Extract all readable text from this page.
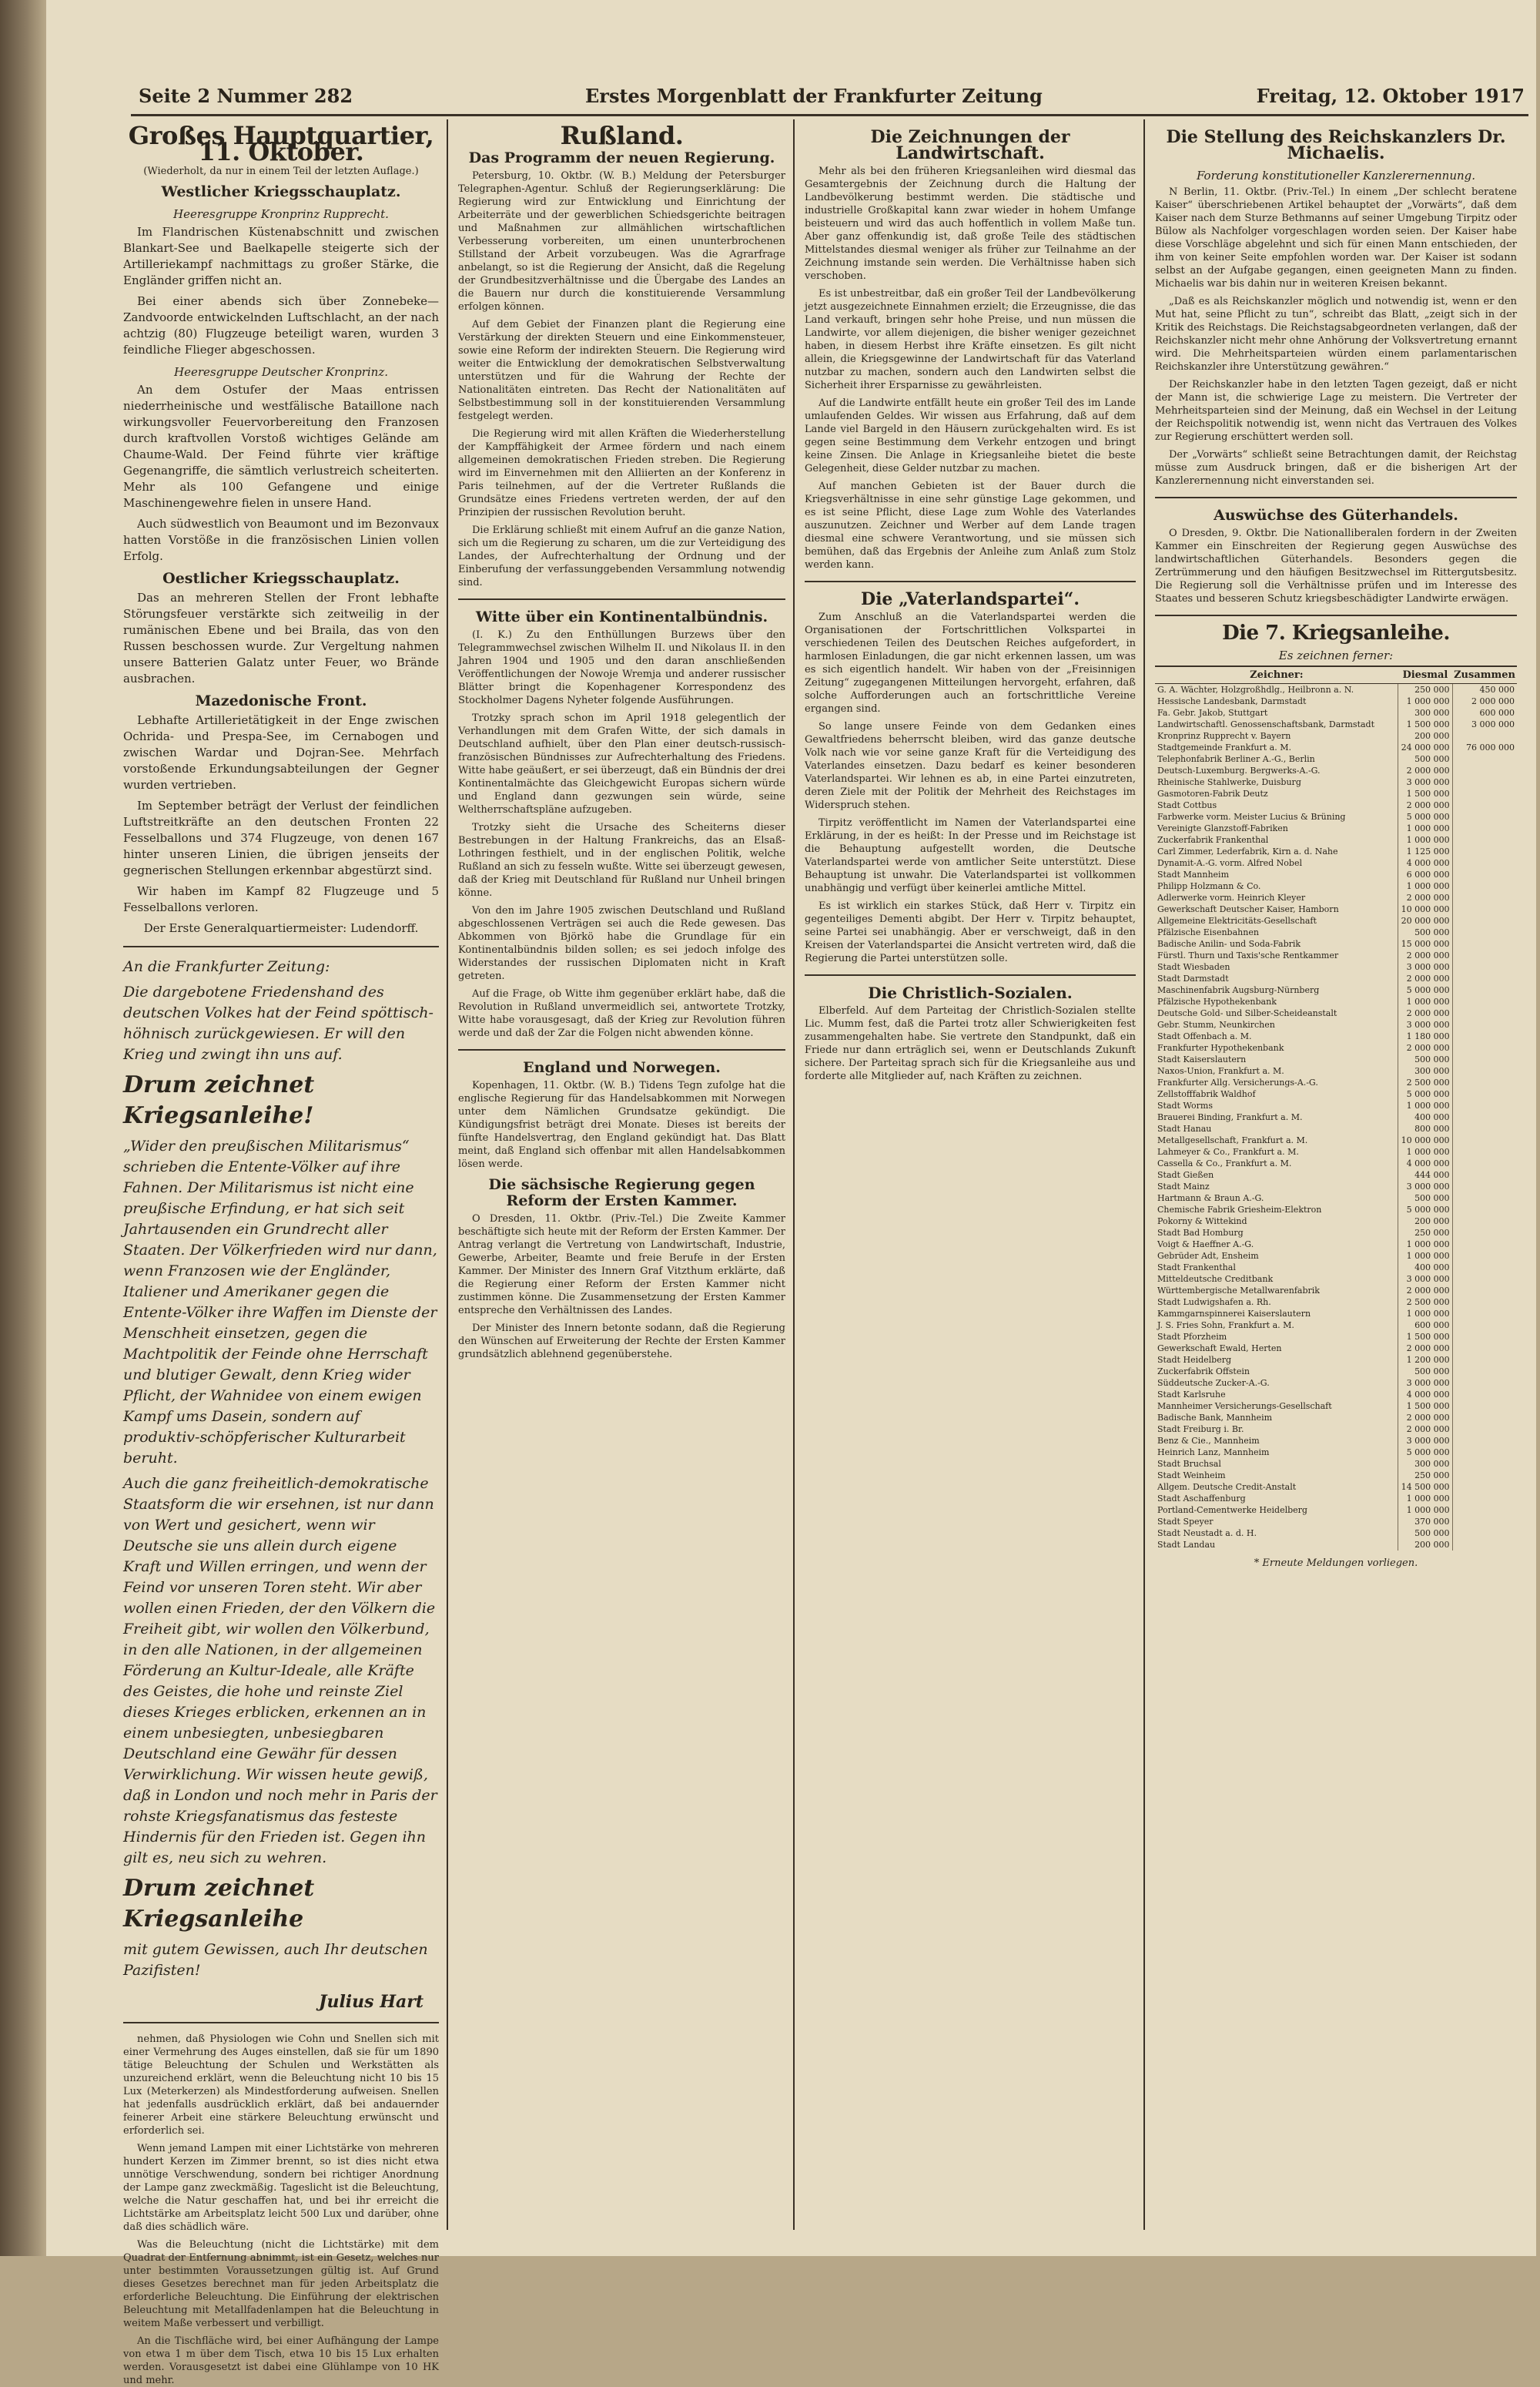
Seite 2 Nummer 282	Erstes Morgenblatt der Frankfurter Zeitung	Freitag, 12. Oktober 1917
Großes Hauptquartier, 11. Oktober.
(Wiederholt, da nur in einem Teil der letzten Auflage.)
Westlicher Kriegsschauplatz.
Heeresgruppe Kronprinz Rupprecht.

Im Flandrischen Küstenabschnitt und zwischen Blankart-See und Baelkapelle steigerte sich der Artilleriekampf nachmittags zu großer Stärke, die Engländer griffen nicht an.

Bei einer abends sich über Zonnebeke—Zandvoorde entwickelnden Luftschlacht, an der nach achtzig (80) Flugzeuge beteiligt waren, wurden 3 feindliche Flieger abgeschossen.

Heeresgruppe Deutscher Kronprinz.

An dem Ostufer der Maas entrissen niederrheinische und westfälische Bataillone nach wirkungsvoller Feuervorbereitung den Franzosen durch kraftvollen Vorstoß wichtiges Gelände am Chaume-Wald. Der Feind führte vier kräftige Gegenangriffe, die sämtlich verlustreich scheiterten. Mehr als 100 Gefangene und einige Maschinengewehre fielen in unsere Hand.

Auch südwestlich von Beaumont und im Bezonvaux hatten Vorstöße in die französischen Linien vollen Erfolg.

Oestlicher Kriegsschauplatz.

Das an mehreren Stellen der Front lebhafte Störungsfeuer verstärkte sich zeitweilig in der rumänischen Ebene und bei Braila, das von den Russen beschossen wurde. Zur Vergeltung nahmen unsere Batterien Galatz unter Feuer, wo Brände ausbrachen.

Mazedonische Front.

Lebhafte Artillerietätigkeit in der Enge zwischen Ochrida- und Prespa-See, im Cernabogen und zwischen Wardar und Dojran-See. Mehrfach vorstoßende Erkundungsabteilungen der Gegner wurden vertrieben.

Im September beträgt der Verlust der feindlichen Luftstreitkräfte an den deutschen Fronten 22 Fesselballons und 374 Flugzeuge, von denen 167 hinter unseren Linien, die übrigen jenseits der gegnerischen Stellungen erkennbar abgestürzt sind.

Wir haben im Kampf 82 Flugzeuge und 5 Fesselballons verloren.

Der Erste Generalquartiermeister: Ludendorff.

An die Frankfurter Zeitung:

Die dargebotene Friedenshand des deutschen Volkes hat der Feind spöttisch-höhnisch zurückgewiesen. Er will den Krieg und zwingt ihn uns auf.

Drum zeichnet Kriegsanleihe!

„Wider den preußischen Militarismus“ schrieben die Entente-Völker auf ihre Fahnen. Der Militarismus ist nicht eine preußische Erfindung, er hat sich seit Jahrtausenden ein Grundrecht aller Staaten. Der Völkerfrieden wird nur dann, wenn Franzosen wie der Engländer, Italiener und Amerikaner gegen die Entente-Völker ihre Waffen im Dienste der Menschheit einsetzen, gegen die Machtpolitik der Feinde ohne Herrschaft und blutiger Gewalt, denn Krieg wider Pflicht, der Wahnidee von einem ewigen Kampf ums Dasein, sondern auf produktiv-schöpferischer Kulturarbeit beruht.

Auch die ganz freiheitlich-demokratische Staatsform die wir ersehnen, ist nur dann von Wert und gesichert, wenn wir Deutsche sie uns allein durch eigene Kraft und Willen erringen, und wenn der Feind vor unseren Toren steht. Wir aber wollen einen Frieden, der den Völkern die Freiheit gibt, wir wollen den Völkerbund, in den alle Nationen, in der allgemeinen Förderung an Kultur-Ideale, alle Kräfte des Geistes, die hohe und reinste Ziel dieses Krieges erblicken, erkennen an in einem unbesiegten, unbesiegbaren Deutschland eine Gewähr für dessen Verwirklichung. Wir wissen heute gewiß, daß in London und noch mehr in Paris der rohste Kriegsfanatismus das festeste Hindernis für den Frieden ist. Gegen ihn gilt es, neu sich zu wehren.

Drum zeichnet Kriegsanleihe

mit gutem Gewissen, auch Ihr deutschen Pazifisten!

Julius Hart

nehmen, daß Physiologen wie Cohn und Snellen sich mit einer Vermehrung des Auges einstellen, daß sie für um 1890 tätige Beleuchtung der Schulen und Werkstätten als unzureichend erklärt, wenn die Beleuchtung nicht 10 bis 15 Lux (Meterkerzen) als Mindestforderung aufweisen. Snellen hat jedenfalls ausdrücklich erklärt, daß bei andauernder feinerer Arbeit eine stärkere Beleuchtung erwünscht und erforderlich sei.

Wenn jemand Lampen mit einer Lichtstärke von mehreren hundert Kerzen im Zimmer brennt, so ist dies nicht etwa unnötige Verschwendung, sondern bei richtiger Anordnung der Lampe ganz zweckmäßig. Tageslicht ist die Beleuchtung, welche die Natur geschaffen hat, und bei ihr erreicht die Lichtstärke am Arbeitsplatz leicht 500 Lux und darüber, ohne daß dies schädlich wäre.

Was die Beleuchtung (nicht die Lichtstärke) mit dem Quadrat der Entfernung abnimmt, ist ein Gesetz, welches nur unter bestimmten Voraussetzungen gültig ist. Auf Grund dieses Gesetzes berechnet man für jeden Arbeitsplatz die erforderliche Beleuchtung. Die Einführung der elektrischen Beleuchtung mit Metallfadenlampen hat die Beleuchtung in weitem Maße verbessert und verbilligt.

An die Tischfläche wird, bei einer Aufhängung der Lampe von etwa 1 m über dem Tisch, etwa 10 bis 15 Lux erhalten werden. Vorausgesetzt ist dabei eine Glühlampe von 10 HK und mehr.

Rußland.
Das Programm der neuen Regierung.

Petersburg, 10. Oktbr. (W. B.) Meldung der Petersburger Telegraphen-Agentur. Schluß der Regierungserklärung: Die Regierung wird zur Entwicklung und Einrichtung der Arbeiterräte und der gewerblichen Schiedsgerichte beitragen und Maßnahmen zur allmählichen wirtschaftlichen Verbesserung vorbereiten, um einen ununterbrochenen Stillstand der Arbeit vorzubeugen. Was die Agrarfrage anbelangt, so ist die Regierung der Ansicht, daß die Regelung der Grundbesitzverhältnisse und die Übergabe des Landes an die Bauern nur durch die konstituierende Versammlung erfolgen können.

Auf dem Gebiet der Finanzen plant die Regierung eine Verstärkung der direkten Steuern und eine Einkommensteuer, sowie eine Reform der indirekten Steuern. Die Regierung wird weiter die Entwicklung der demokratischen Selbstverwaltung unterstützen und für die Wahrung der Rechte der Nationalitäten eintreten. Das Recht der Nationalitäten auf Selbstbestimmung soll in der konstituierenden Versammlung festgelegt werden.

Die Regierung wird mit allen Kräften die Wiederherstellung der Kampffähigkeit der Armee fördern und nach einem allgemeinen demokratischen Frieden streben. Die Regierung wird im Einvernehmen mit den Alliierten an der Konferenz in Paris teilnehmen, auf der die Vertreter Rußlands die Grundsätze eines Friedens vertreten werden, der auf den Prinzipien der russischen Revolution beruht.

Die Erklärung schließt mit einem Aufruf an die ganze Nation, sich um die Regierung zu scharen, um die zur Verteidigung des Landes, der Aufrechterhaltung der Ordnung und der Einberufung der verfassunggebenden Versammlung notwendig sind.

Witte über ein Kontinentalbündnis.

(I. K.) Zu den Enthüllungen Burzews über den Telegrammwechsel zwischen Wilhelm II. und Nikolaus II. in den Jahren 1904 und 1905 und den daran anschließenden Veröffentlichungen der Nowoje Wremja und anderer russischer Blätter bringt die Kopenhagener Korrespondenz des Stockholmer Dagens Nyheter folgende Ausführungen.

Trotzky sprach schon im April 1918 gelegentlich der Verhandlungen mit dem Grafen Witte, der sich damals in Deutschland aufhielt, über den Plan einer deutsch-russisch-französischen Bündnisses zur Aufrechterhaltung des Friedens. Witte habe geäußert, er sei überzeugt, daß ein Bündnis der drei Kontinentalmächte das Gleichgewicht Europas sichern würde und England dann gezwungen sein würde, seine Weltherrschaftspläne aufzugeben.

Trotzky sieht die Ursache des Scheiterns dieser Bestrebungen in der Haltung Frankreichs, das an Elsaß-Lothringen festhielt, und in der englischen Politik, welche Rußland an sich zu fesseln wußte. Witte sei überzeugt gewesen, daß der Krieg mit Deutschland für Rußland nur Unheil bringen könne.

Von den im Jahre 1905 zwischen Deutschland und Rußland abgeschlossenen Verträgen sei auch die Rede gewesen. Das Abkommen von Björkö habe die Grundlage für ein Kontinentalbündnis bilden sollen; es sei jedoch infolge des Widerstandes der russischen Diplomaten nicht in Kraft getreten.

Auf die Frage, ob Witte ihm gegenüber erklärt habe, daß die Revolution in Rußland unvermeidlich sei, antwortete Trotzky, Witte habe vorausgesagt, daß der Krieg zur Revolution führen werde und daß der Zar die Folgen nicht abwenden könne.

England und Norwegen.

Kopenhagen, 11. Oktbr. (W. B.) Tidens Tegn zufolge hat die englische Regierung für das Handelsabkommen mit Norwegen unter dem Nämlichen Grundsatze gekündigt. Die Kündigungsfrist beträgt drei Monate. Dieses ist bereits der fünfte Handelsvertrag, den England gekündigt hat. Das Blatt meint, daß England sich offenbar mit allen Handelsabkommen lösen werde.

Die sächsische Regierung gegen Reform der Ersten Kammer.

O Dresden, 11. Oktbr. (Priv.-Tel.) Die Zweite Kammer beschäftigte sich heute mit der Reform der Ersten Kammer. Der Antrag verlangt die Vertretung von Landwirtschaft, Industrie, Gewerbe, Arbeiter, Beamte und freie Berufe in der Ersten Kammer. Der Minister des Innern Graf Vitzthum erklärte, daß die Regierung einer Reform der Ersten Kammer nicht zustimmen könne. Die Zusammensetzung der Ersten Kammer entspreche den Verhältnissen des Landes.

Der Minister des Innern betonte sodann, daß die Regierung den Wünschen auf Erweiterung der Rechte der Ersten Kammer grundsätzlich ablehnend gegenüberstehe.

Die Zeichnungen der Landwirtschaft.

Mehr als bei den früheren Kriegsanleihen wird diesmal das Gesamtergebnis der Zeichnung durch die Haltung der Landbevölkerung bestimmt werden. Die städtische und industrielle Großkapital kann zwar wieder in hohem Umfange beisteuern und wird das auch hoffentlich in vollem Maße tun. Aber ganz offenkundig ist, daß große Teile des städtischen Mittelstandes diesmal weniger als früher zur Teilnahme an der Zeichnung imstande sein werden. Die Verhältnisse haben sich verschoben.

Es ist unbestreitbar, daß ein großer Teil der Landbevölkerung jetzt ausgezeichnete Einnahmen erzielt; die Erzeugnisse, die das Land verkauft, bringen sehr hohe Preise, und nun müssen die Landwirte, vor allem diejenigen, die bisher weniger gezeichnet haben, in diesem Herbst ihre Kräfte einsetzen. Es gilt nicht allein, die Kriegsgewinne der Landwirtschaft für das Vaterland nutzbar zu machen, sondern auch den Landwirten selbst die Sicherheit ihrer Ersparnisse zu gewährleisten.

Auf die Landwirte entfällt heute ein großer Teil des im Lande umlaufenden Geldes. Wir wissen aus Erfahrung, daß auf dem Lande viel Bargeld in den Häusern zurückgehalten wird. Es ist gegen seine Bestimmung dem Verkehr entzogen und bringt keine Zinsen. Die Anlage in Kriegsanleihe bietet die beste Gelegenheit, diese Gelder nutzbar zu machen.

Auf manchen Gebieten ist der Bauer durch die Kriegsverhältnisse in eine sehr günstige Lage gekommen, und es ist seine Pflicht, diese Lage zum Wohle des Vaterlandes auszunutzen. Zeichner und Werber auf dem Lande tragen diesmal eine schwere Verantwortung, und sie müssen sich bemühen, daß das Ergebnis der Anleihe zum Anlaß zum Stolz werden kann.

Die „Vaterlandspartei“.

Zum Anschluß an die Vaterlandspartei werden die Organisationen der Fortschrittlichen Volkspartei in verschiedenen Teilen des Deutschen Reiches aufgefordert, in harmlosen Einladungen, die gar nicht erkennen lassen, um was es sich eigentlich handelt. Wir haben von der „Freisinnigen Zeitung“ zugegangenen Mitteilungen hervorgeht, erfahren, daß solche Aufforderungen auch an fortschrittliche Vereine ergangen sind.

So lange unsere Feinde von dem Gedanken eines Gewaltfriedens beherrscht bleiben, wird das ganze deutsche Volk nach wie vor seine ganze Kraft für die Verteidigung des Vaterlandes einsetzen. Dazu bedarf es keiner besonderen Vaterlandspartei. Wir lehnen es ab, in eine Partei einzutreten, deren Ziele mit der Politik der Mehrheit des Reichstages im Widerspruch stehen.

Tirpitz veröffentlicht im Namen der Vaterlandspartei eine Erklärung, in der es heißt: In der Presse und im Reichstage ist die Behauptung aufgestellt worden, die Deutsche Vaterlandspartei werde von amtlicher Seite unterstützt. Diese Behauptung ist unwahr. Die Vaterlandspartei ist vollkommen unabhängig und verfügt über keinerlei amtliche Mittel.

Es ist wirklich ein starkes Stück, daß Herr v. Tirpitz ein gegenteiliges Dementi abgibt. Der Herr v. Tirpitz behauptet, seine Partei sei unabhängig. Aber er verschweigt, daß in den Kreisen der Vaterlandspartei die Ansicht vertreten wird, daß die Regierung die Partei unterstützen solle.

Die Christlich-Sozialen.

Elberfeld. Auf dem Parteitag der Christlich-Sozialen stellte Lic. Mumm fest, daß die Partei trotz aller Schwierigkeiten fest zusammengehalten habe. Sie vertrete den Standpunkt, daß ein Friede nur dann erträglich sei, wenn er Deutschlands Zukunft sichere. Der Parteitag sprach sich für die Kriegsanleihe aus und forderte alle Mitglieder auf, nach Kräften zu zeichnen.

Die Stellung des Reichskanzlers Dr. Michaelis.
Forderung konstitutioneller Kanzlerernennung.

N Berlin, 11. Oktbr. (Priv.-Tel.) In einem „Der schlecht beratene Kaiser“ überschriebenen Artikel behauptet der „Vorwärts“, daß dem Kaiser nach dem Sturze Bethmanns auf seiner Umgebung Tirpitz oder Bülow als Nachfolger vorgeschlagen worden seien. Der Kaiser habe diese Vorschläge abgelehnt und sich für einen Mann entschieden, der ihm von keiner Seite empfohlen worden war. Der Kaiser ist sodann selbst an der Aufgabe gegangen, einen geeigneten Mann zu finden. Michaelis war bis dahin nur in weiteren Kreisen bekannt.

„Daß es als Reichskanzler möglich und notwendig ist, wenn er den Mut hat, seine Pflicht zu tun“, schreibt das Blatt, „zeigt sich in der Kritik des Reichstags. Die Reichstagsabgeordneten verlangen, daß der Reichskanzler nicht mehr ohne Anhörung der Volksvertretung ernannt wird. Die Mehrheitsparteien würden einem parlamentarischen Reichskanzler ihre Unterstützung gewähren.“

Der Reichskanzler habe in den letzten Tagen gezeigt, daß er nicht der Mann ist, die schwierige Lage zu meistern. Die Vertreter der Mehrheitsparteien sind der Meinung, daß ein Wechsel in der Leitung der Reichspolitik notwendig ist, wenn nicht das Vertrauen des Volkes zur Regierung erschüttert werden soll.

Der „Vorwärts“ schließt seine Betrachtungen damit, der Reichstag müsse zum Ausdruck bringen, daß er die bisherigen Art der Kanzlerernennung nicht einverstanden sei.

Auswüchse des Güterhandels.

O Dresden, 9. Oktbr. Die Nationalliberalen fordern in der Zweiten Kammer ein Einschreiten der Regierung gegen Auswüchse des landwirtschaftlichen Güterhandels. Besonders gegen die Zertrümmerung und den häufigen Besitzwechsel im Rittergutsbesitz. Die Regierung soll die Verhältnisse prüfen und im Interesse des Staates und besseren Schutz kriegsbeschädigter Landwirte erwägen.

Die 7. Kriegsanleihe.
Es zeichnen ferner:
Zeichner:	Diesmal	Zusammen
G. A. Wächter, Holzgroßhdlg., Heilbronn a. N.	250 000	450 000
Hessische Landesbank, Darmstadt	1 000 000	2 000 000
Fa. Gebr. Jakob, Stuttgart	300 000	600 000
Landwirtschaftl. Genossenschaftsbank, Darmstadt	1 500 000	3 000 000
Kronprinz Rupprecht v. Bayern	200 000	
Stadtgemeinde Frankfurt a. M.	24 000 000	76 000 000
Telephonfabrik Berliner A.-G., Berlin	500 000	
Deutsch-Luxemburg. Bergwerks-A.-G.	2 000 000	
Rheinische Stahlwerke, Duisburg	3 000 000	
Gasmotoren-Fabrik Deutz	1 500 000	
Stadt Cottbus	2 000 000	
Farbwerke vorm. Meister Lucius & Brüning	5 000 000	
Vereinigte Glanzstoff-Fabriken	1 000 000	
Zuckerfabrik Frankenthal	1 000 000	
Carl Zimmer, Lederfabrik, Kirn a. d. Nahe	1 125 000	
Dynamit-A.-G. vorm. Alfred Nobel	4 000 000	
Stadt Mannheim	6 000 000	
Philipp Holzmann & Co.	1 000 000	
Adlerwerke vorm. Heinrich Kleyer	2 000 000	
Gewerkschaft Deutscher Kaiser, Hamborn	10 000 000	
Allgemeine Elektricitäts-Gesellschaft	20 000 000	
Pfälzische Eisenbahnen	500 000	
Badische Anilin- und Soda-Fabrik	15 000 000	
Fürstl. Thurn und Taxis'sche Rentkammer	2 000 000	
Stadt Wiesbaden	3 000 000	
Stadt Darmstadt	2 000 000	
Maschinenfabrik Augsburg-Nürnberg	5 000 000	
Pfälzische Hypothekenbank	1 000 000	
Deutsche Gold- und Silber-Scheideanstalt	2 000 000	
Gebr. Stumm, Neunkirchen	3 000 000	
Stadt Offenbach a. M.	1 180 000	
Frankfurter Hypothekenbank	2 000 000	
Stadt Kaiserslautern	500 000	
Naxos-Union, Frankfurt a. M.	300 000	
Frankfurter Allg. Versicherungs-A.-G.	2 500 000	
Zellstofffabrik Waldhof	5 000 000	
Stadt Worms	1 000 000	
Brauerei Binding, Frankfurt a. M.	400 000	
Stadt Hanau	800 000	
Metallgesellschaft, Frankfurt a. M.	10 000 000	
Lahmeyer & Co., Frankfurt a. M.	1 000 000	
Cassella & Co., Frankfurt a. M.	4 000 000	
Stadt Gießen	444 000	
Stadt Mainz	3 000 000	
Hartmann & Braun A.-G.	500 000	
Chemische Fabrik Griesheim-Elektron	5 000 000	
Pokorny & Wittekind	200 000	
Stadt Bad Homburg	250 000	
Voigt & Haeffner A.-G.	1 000 000	
Gebrüder Adt, Ensheim	1 000 000	
Stadt Frankenthal	400 000	
Mitteldeutsche Creditbank	3 000 000	
Württembergische Metallwarenfabrik	2 000 000	
Stadt Ludwigshafen a. Rh.	2 500 000	
Kammgarnspinnerei Kaiserslautern	1 000 000	
J. S. Fries Sohn, Frankfurt a. M.	600 000	
Stadt Pforzheim	1 500 000	
Gewerkschaft Ewald, Herten	2 000 000	
Stadt Heidelberg	1 200 000	
Zuckerfabrik Offstein	500 000	
Süddeutsche Zucker-A.-G.	3 000 000	
Stadt Karlsruhe	4 000 000	
Mannheimer Versicherungs-Gesellschaft	1 500 000	
Badische Bank, Mannheim	2 000 000	
Stadt Freiburg i. Br.	2 000 000	
Benz & Cie., Mannheim	3 000 000	
Heinrich Lanz, Mannheim	5 000 000	
Stadt Bruchsal	300 000	
Stadt Weinheim	250 000	
Allgem. Deutsche Credit-Anstalt	14 500 000	
Stadt Aschaffenburg	1 000 000	
Portland-Cementwerke Heidelberg	1 000 000	
Stadt Speyer	370 000	
Stadt Neustadt a. d. H.	500 000	
Stadt Landau	200 000	
* Erneute Meldungen vorliegen.
